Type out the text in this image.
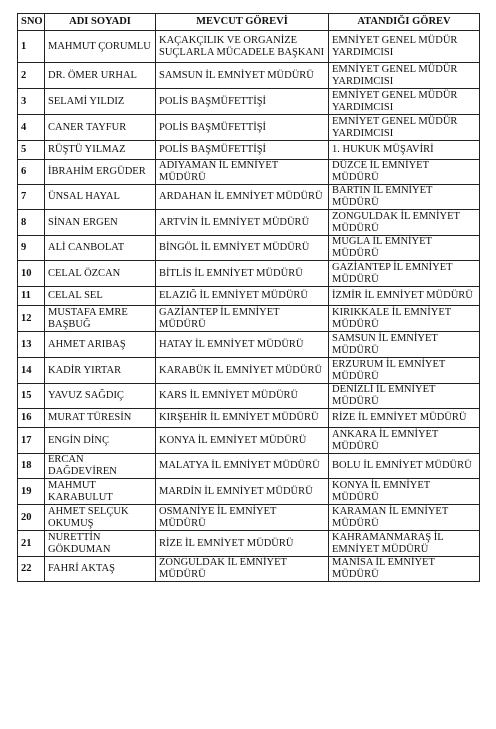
SNO	ADI SOYADI	MEVCUT GÖREVİ	ATANDIĞI GÖREV
1	MAHMUT ÇORUMLU	KAÇAKÇILIK VE ORGANİZE SUÇLARLA MÜCADELE BAŞKANI	EMNİYET GENEL MÜDÜR YARDIMCISI
2	DR. ÖMER URHAL	SAMSUN İL EMNİYET MÜDÜRÜ	EMNİYET GENEL MÜDÜR YARDIMCISI
3	SELAMİ YILDIZ	POLİS BAŞMÜFETTİŞİ	EMNİYET GENEL MÜDÜR YARDIMCISI
4	CANER TAYFUR	POLİS BAŞMÜFETTİŞİ	EMNİYET GENEL MÜDÜR YARDIMCISI
5	RÜŞTÜ YILMAZ	POLİS BAŞMÜFETTİŞİ	1. HUKUK MÜŞAVİRİ
6	İBRAHİM ERGÜDER	ADIYAMAN İL EMNİYET MÜDÜRÜ	DÜZCE İL EMNİYET MÜDÜRÜ
7	ÜNSAL HAYAL	ARDAHAN İL EMNİYET MÜDÜRÜ	BARTIN İL EMNİYET MÜDÜRÜ
8	SİNAN ERGEN	ARTVİN İL EMNİYET MÜDÜRÜ	ZONGULDAK İL EMNİYET MÜDÜRÜ
9	ALİ CANBOLAT	BİNGÖL İL EMNİYET MÜDÜRÜ	MUĞLA İL EMNİYET MÜDÜRÜ
10	CELAL ÖZCAN	BİTLİS İL EMNİYET MÜDÜRÜ	GAZİANTEP İL EMNİYET MÜDÜRÜ
11	CELAL SEL	ELAZIĞ İL EMNİYET MÜDÜRÜ	İZMİR İL EMNİYET MÜDÜRÜ
12	MUSTAFA EMRE BAŞBUĞ	GAZİANTEP İL EMNİYET MÜDÜRÜ	KIRIKKALE İL EMNİYET MÜDÜRÜ
13	AHMET ARIBAŞ	HATAY İL EMNİYET MÜDÜRÜ	SAMSUN İL EMNİYET MÜDÜRÜ
14	KADİR YIRTAR	KARABÜK İL EMNİYET MÜDÜRÜ	ERZURUM İL EMNİYET MÜDÜRÜ
15	YAVUZ SAĞDIÇ	KARS İL EMNİYET MÜDÜRÜ	DENİZLİ İL EMNİYET MÜDÜRÜ
16	MURAT TÜRESİN	KIRŞEHİR İL EMNİYET MÜDÜRÜ	RİZE İL EMNİYET MÜDÜRÜ
17	ENGİN DİNÇ	KONYA İL EMNİYET MÜDÜRÜ	ANKARA İL EMNİYET MÜDÜRÜ
18	ERCAN DAĞDEVİREN	MALATYA İL EMNİYET MÜDÜRÜ	BOLU İL EMNİYET MÜDÜRÜ
19	MAHMUT KARABULUT	MARDİN İL EMNİYET MÜDÜRÜ	KONYA İL EMNİYET MÜDÜRÜ
20	AHMET SELÇUK OKUMUŞ	OSMANİYE İL EMNİYET MÜDÜRÜ	KARAMAN İL EMNİYET MÜDÜRÜ
21	NURETTİN GÖKDUMAN	RİZE İL EMNİYET MÜDÜRÜ	KAHRAMANMARAŞ İL EMNİYET MÜDÜRÜ
22	FAHRİ AKTAŞ	ZONGULDAK İL EMNİYET MÜDÜRÜ	MANİSA İL EMNİYET MÜDÜRÜ
